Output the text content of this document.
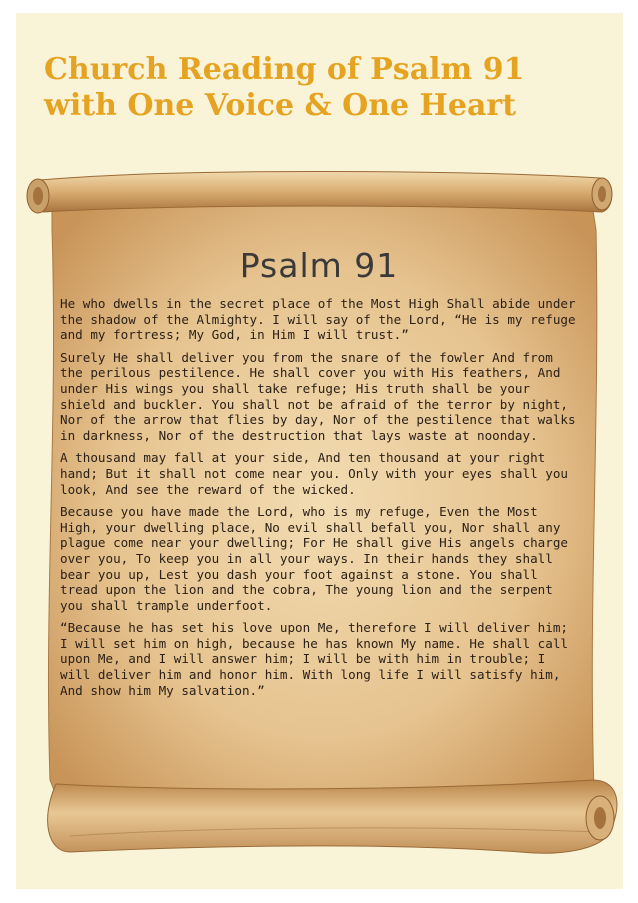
Church Reading of Psalm 91
with One Voice & One Heart
Psalm 91

He who dwells in the secret place of the Most High Shall abide under the shadow of the Almighty. I will say of the Lord, “He is my refuge and my fortress; My God, in Him I will trust.”

Surely He shall deliver you from the snare of the fowler And from the perilous pestilence. He shall cover you with His feathers, And under His wings you shall take refuge; His truth shall be your shield and buckler. You shall not be afraid of the terror by night, Nor of the arrow that flies by day, Nor of the pestilence that walks in darkness, Nor of the destruction that lays waste at noonday.

A thousand may fall at your side, And ten thousand at your right hand; But it shall not come near you. Only with your eyes shall you look, And see the reward of the wicked.

Because you have made the Lord, who is my refuge, Even the Most High, your dwelling place, No evil shall befall you, Nor shall any plague come near your dwelling; For He shall give His angels charge over you, To keep you in all your ways. In their hands they shall bear you up, Lest you dash your foot against a stone. You shall tread upon the lion and the cobra, The young lion and the serpent you shall trample underfoot.

“Because he has set his love upon Me, therefore I will deliver him; I will set him on high, because he has known My name. He shall call upon Me, and I will answer him; I will be with him in trouble; I will deliver him and honor him. With long life I will satisfy him, And show him My salvation.”
